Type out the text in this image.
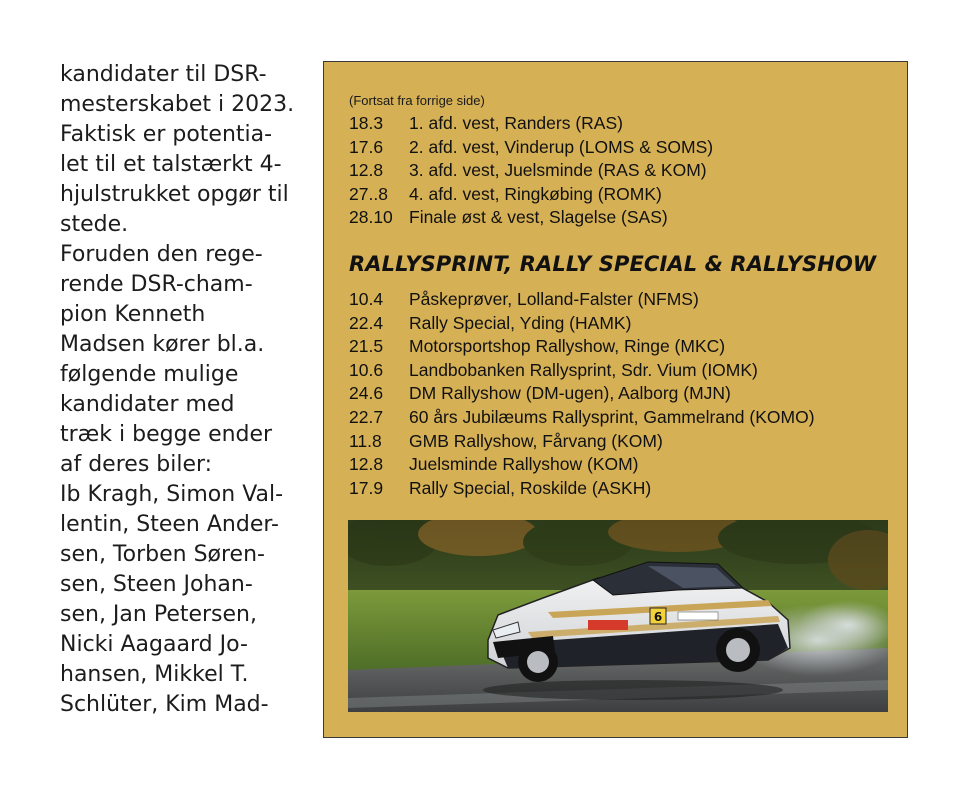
kandidater til DSR-
mesterskabet i 2023.
Faktisk er potentia-
let til et talstærkt 4-
hjulstrukket opgør til
stede.
Foruden den rege-
rende DSR-cham-
pion Kenneth
Madsen kører bl.a.
følgende mulige
kandidater med
træk i begge ender
af deres biler:
Ib Kragh, Simon Val-
lentin, Steen Ander-
sen, Torben Søren-
sen, Steen Johan-
sen, Jan Petersen,
Nicki Aagaard Jo-
hansen, Mikkel T.
Schlüter, Kim Mad-
(Fortsat fra forrige side)
18.3	1. afd. vest, Randers (RAS)
17.6	2. afd. vest, Vinderup (LOMS & SOMS)
12.8	3. afd. vest, Juelsminde (RAS & KOM)
27..8	4. afd. vest, Ringkøbing (ROMK)
28.10 Finale øst & vest, Slagelse (SAS)
RALLYSPRINT, RALLY SPECIAL & RALLYSHOW
10.4	Påskeprøver, Lolland-Falster (NFMS)
22.4	Rally Special, Yding (HAMK)
21.5	Motorsportshop Rallyshow, Ringe (MKC)
10.6	Landbobanken Rallysprint, Sdr. Vium (IOMK)
24.6	DM Rallyshow (DM-ugen), Aalborg (MJN)
22.7	60 års Jubilæums Rallysprint, Gammelrand (KOMO)
11.8	GMB Rallyshow, Fårvang (KOM)
12.8	Juelsminde Rallyshow (KOM)
17.9	Rally Special, Roskilde (ASKH)
6
